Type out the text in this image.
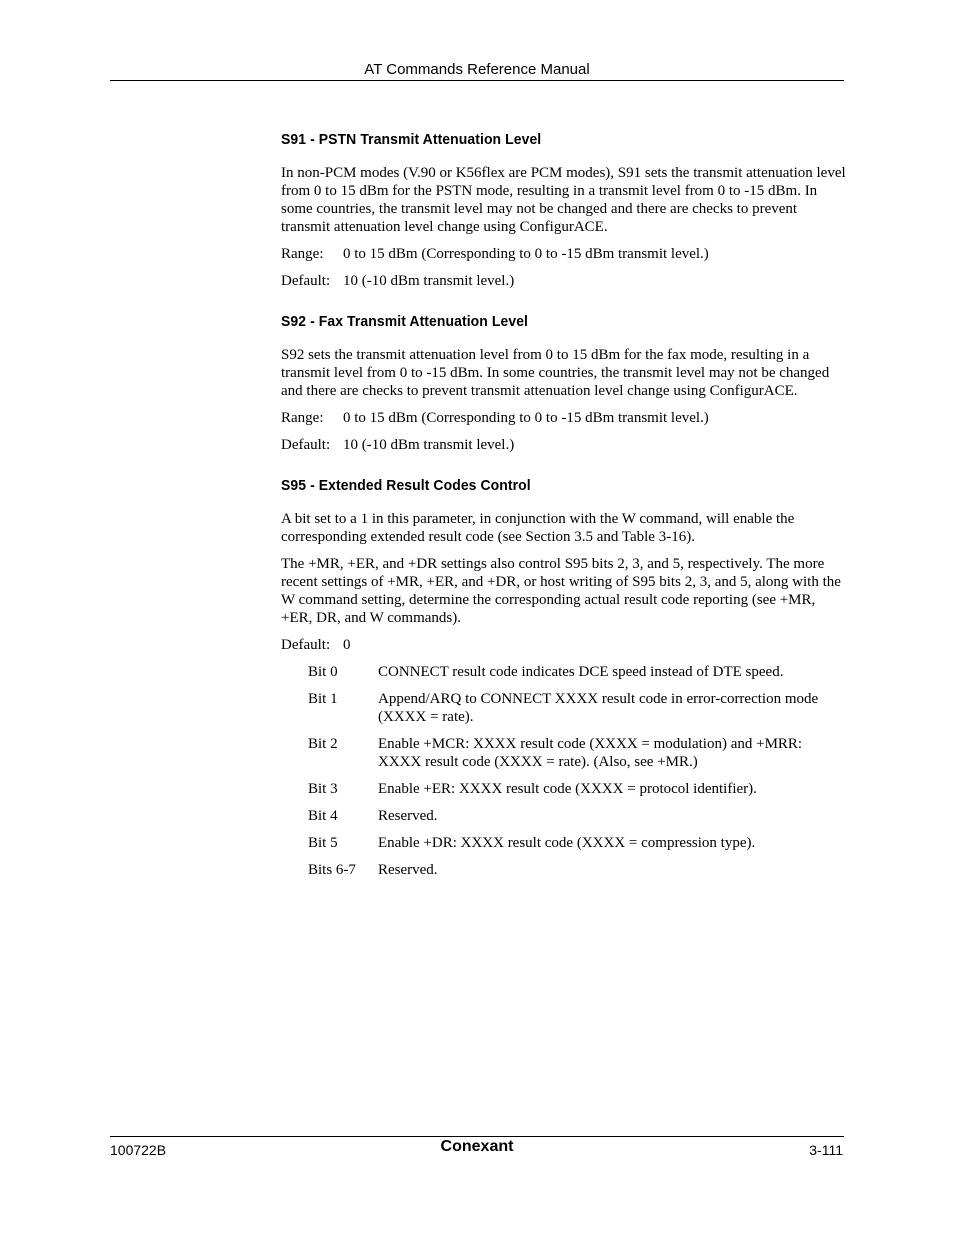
AT Commands Reference Manual
S91 - PSTN Transmit Attenuation Level

In non-PCM modes (V.90 or K56flex are PCM modes), S91 sets the transmit attenuation level from 0 to 15 dBm for the PSTN mode, resulting in a transmit level from 0 to -15 dBm. In some countries, the transmit level may not be changed and there are checks to prevent transmit attenuation level change using ConfigurACE.

Range:	0 to 15 dBm (Corresponding to 0 to -15 dBm transmit level.)
Default: 10 (-10 dBm transmit level.)
S92 - Fax Transmit Attenuation Level

S92 sets the transmit attenuation level from 0 to 15 dBm for the fax mode, resulting in a transmit level from 0 to -15 dBm. In some countries, the transmit level may not be changed and there are checks to prevent transmit attenuation level change using ConfigurACE.

Range:	0 to 15 dBm (Corresponding to 0 to -15 dBm transmit level.)
Default: 10 (-10 dBm transmit level.)
S95 - Extended Result Codes Control

A bit set to a 1 in this parameter, in conjunction with the W command, will enable the corresponding extended result code (see Section 3.5 and Table 3-16).

The +MR, +ER, and +DR settings also control S95 bits 2, 3, and 5, respectively. The more recent settings of +MR, +ER, and +DR, or host writing of S95 bits 2, 3, and 5, along with the W command setting, determine the corresponding actual result code reporting (see +MR, +ER, DR, and W commands).

Default: 0
Bit 0	CONNECT result code indicates DCE speed instead of DTE speed.
Bit 1	Append/ARQ to CONNECT XXXX result code in error-correction mode (XXXX = rate).
Bit 2	Enable +MCR: XXXX result code (XXXX = modulation) and +MRR: XXXX result code (XXXX = rate). (Also, see +MR.)
Bit 3	Enable +ER: XXXX result code (XXXX = protocol identifier).
Bit 4	Reserved.
Bit 5	Enable +DR: XXXX result code (XXXX = compression type).
Bits 6-7	Reserved.
100722B	Conexant	3-111
